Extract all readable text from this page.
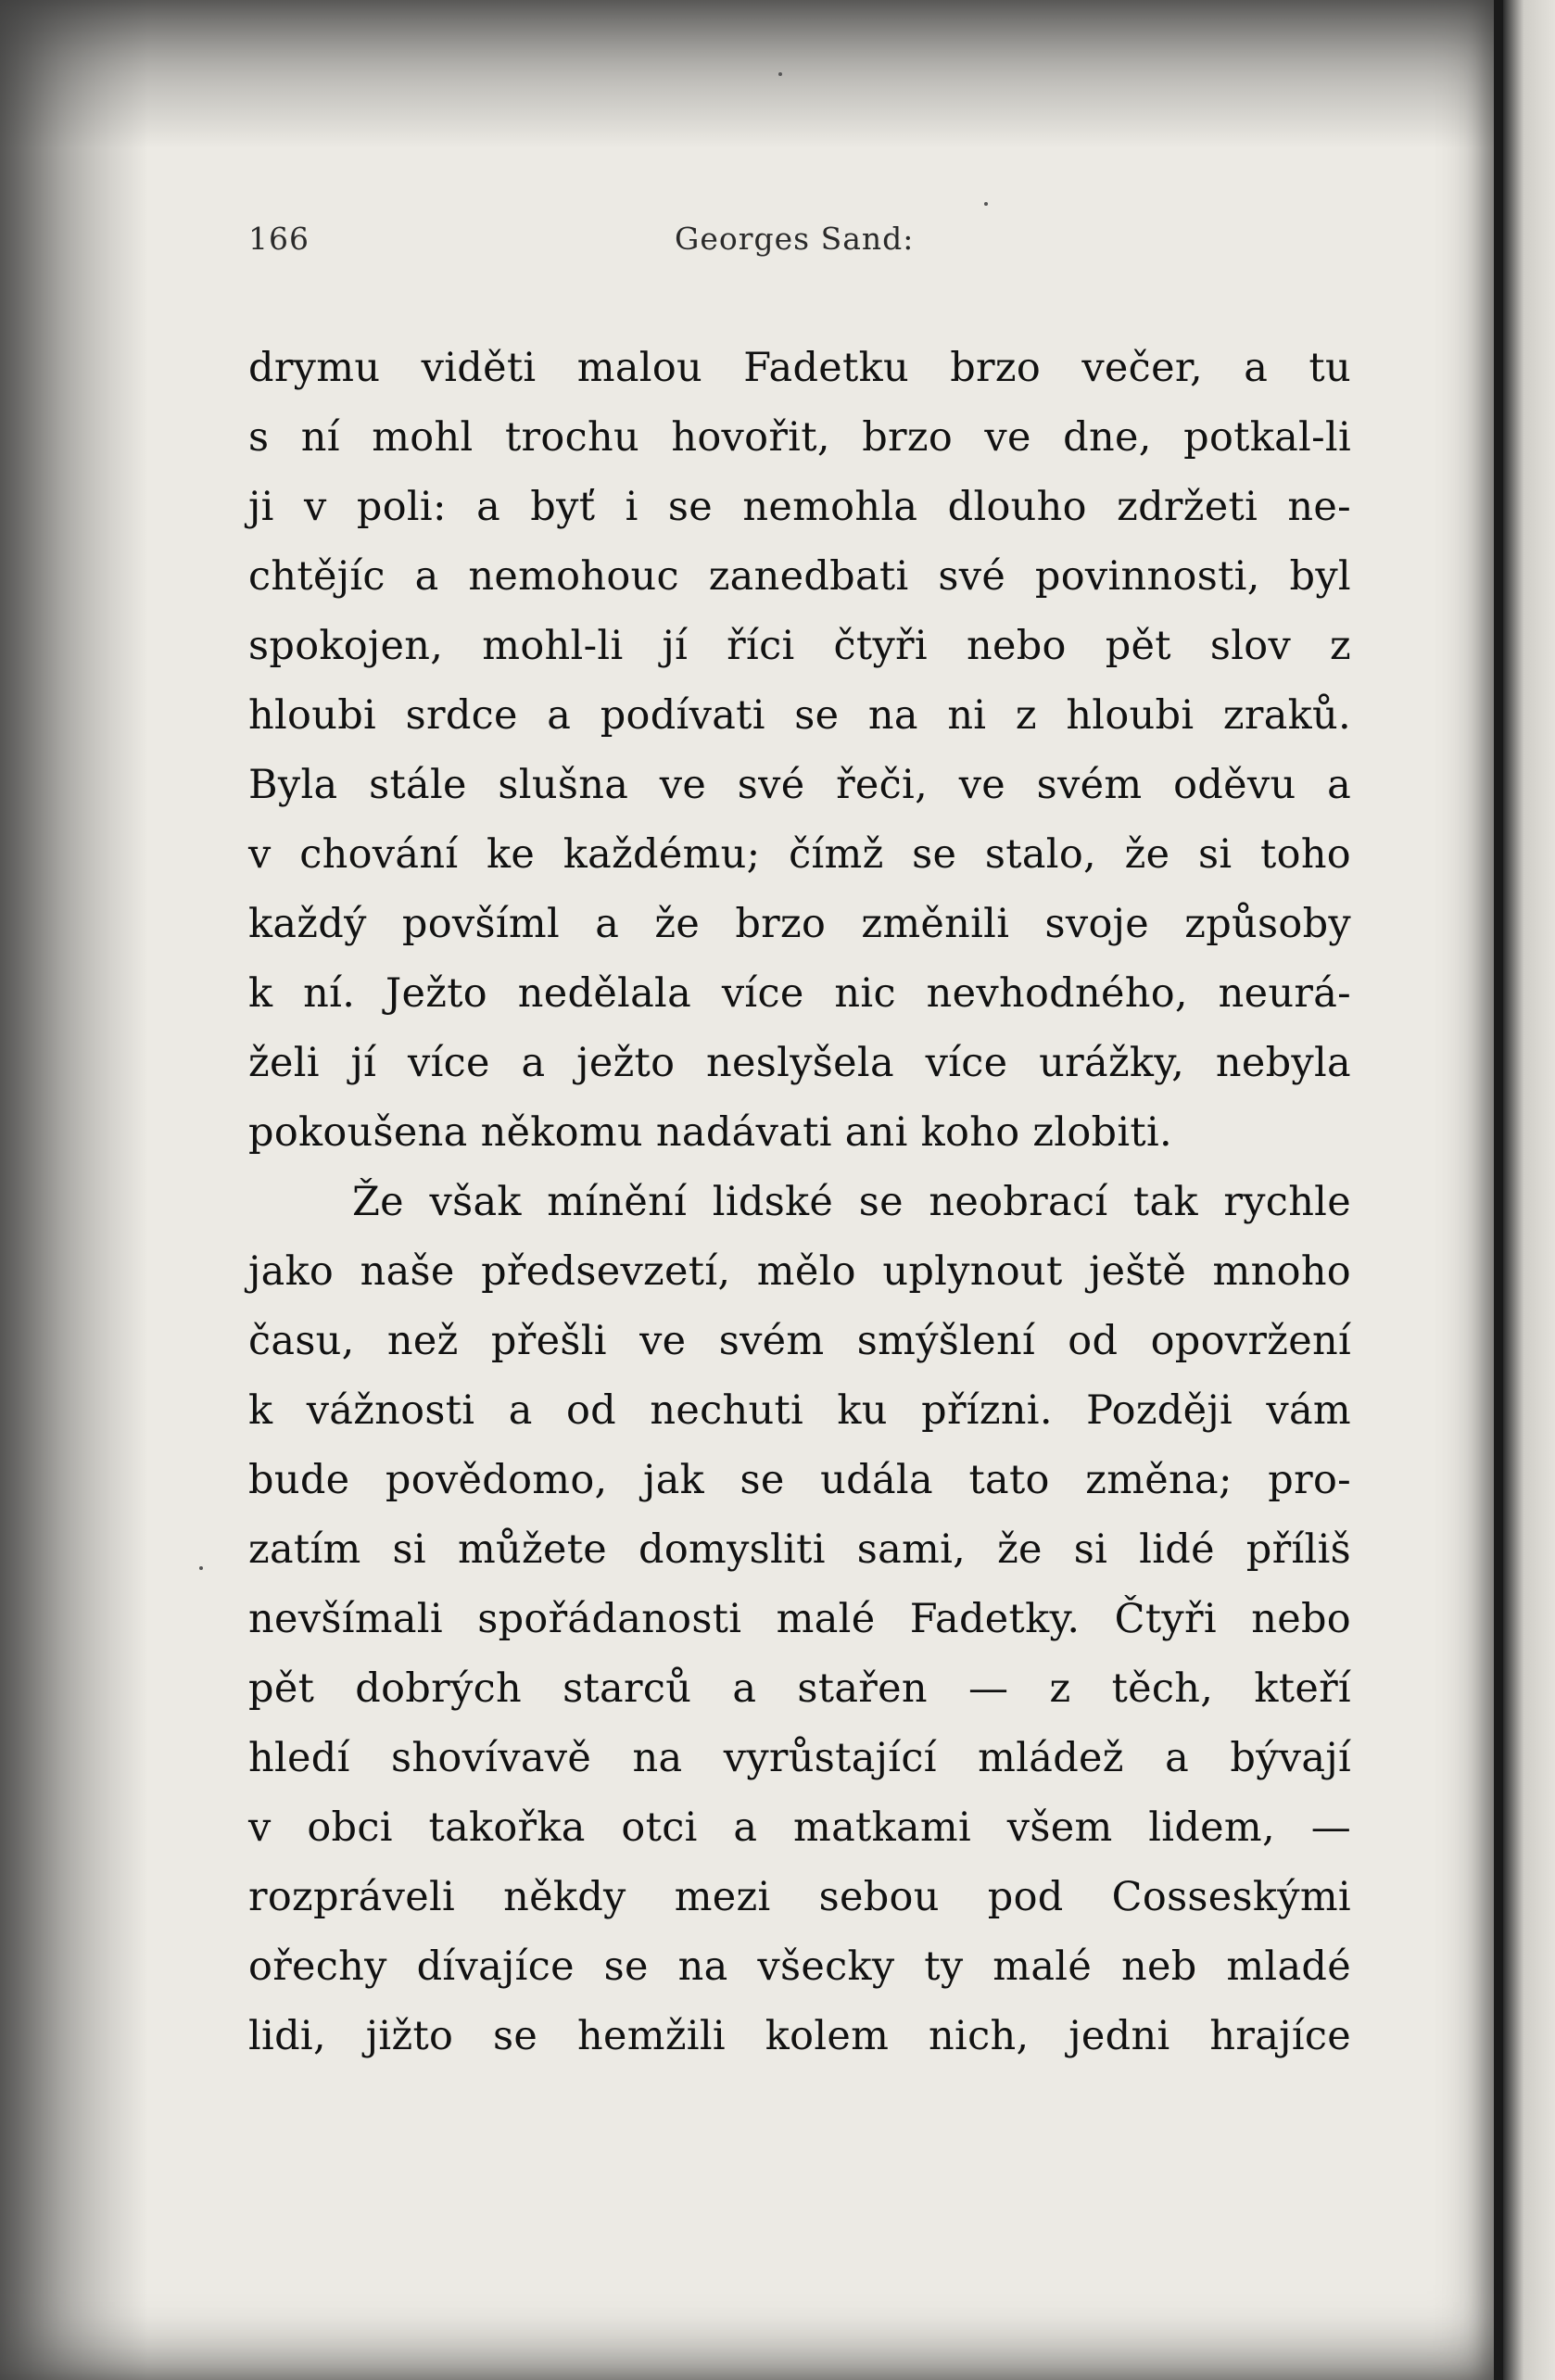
166	Georges Sand:
drymu viděti malou Fadetku brzo večer, a tu
s ní mohl trochu hovořit, brzo ve dne, potkal-li
ji v poli: a byť i se nemohla dlouho zdržeti ne-
chtějíc a nemohouc zanedbati své povinnosti, byl
spokojen, mohl-li jí říci čtyři nebo pět slov z
hloubi srdce a podívati se na ni z hloubi zraků.
Byla stále slušna ve své řeči, ve svém oděvu a
v chování ke každému; čímž se stalo, že si toho
každý povšíml a že brzo změnili svoje způsoby
k ní. Ježto nedělala více nic nevhodného, neurá-
želi jí více a ježto neslyšela více urážky, nebyla
pokoušena někomu nadávati ani koho zlobiti.
Že však mínění lidské se neobrací tak rychle
jako naše předsevzetí, mělo uplynout ještě mnoho
času, než přešli ve svém smýšlení od opovržení
k vážnosti a od nechuti ku přízni. Později vám
bude povědomo, jak se udála tato změna; pro-
zatím si můžete domysliti sami, že si lidé příliš
nevšímali spořádanosti malé Fadetky. Čtyři nebo
pět dobrých starců a stařen — z těch, kteří
hledí shovívavě na vyrůstající mládež a bývají
v obci takořka otci a matkami všem lidem, —
rozpráveli někdy mezi sebou pod Cosseskými
ořechy dívajíce se na všecky ty malé neb mladé
lidi, jižto se hemžili kolem nich, jedni hrajíce
